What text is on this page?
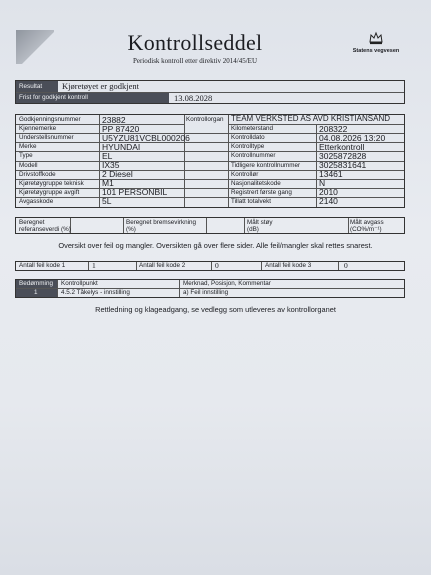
Kontrollseddel
Periodisk kontroll etter direktiv 2014/45/EU
Statens vegvesen
Resultat Kjøretøyet er godkjent
Frist for godkjent kontroll	13.08.2028
Godkjenningsnummer	23882
Kjennemerke	PP 87420
Understellsnummer	U5YZU81VCBL000206
Merke	HYUNDAI
Type	EL
Modell	IX35
Drivstoffkode	2 Diesel
Kjøretøygruppe teknisk M1
Kjøretøygruppe avgift	101 PERSONBIL
Avgasskode	5L
Kontrollorgan TEAM VERKSTED AS AVD KRISTIANSAND
Kilometerstand	208322
Kontrolldato	04.08.2026 13:20
Kontrolltype	Etterkontroll
Kontrollnummer	3025872828
Tidligere kontrollnummer 3025831641
Kontrollør	13461
Nasjonalitetskode	N
Registrert første gang	2010
Tillatt totalvekt	2140
Beregnet referanseverdi (%)
Beregnet bremsevirkning (%)
Målt støy (dB)
Målt avgass (CO%/m⁻¹)
Oversikt over feil og mangler. Oversikten gå over flere sider. Alle feil/mangler skal rettes snarest.
Antall feil kode 1	1	Antall feil kode 2	0	Antall feil kode 3	0
Bedømming Kontrollpunkt	Merknad, Posisjon, Kommentar
1	4.5.2 Tåkelys - innstilling	a) Feil innstilling
Rettledning og klageadgang, se vedlegg som utleveres av kontrollorganet
